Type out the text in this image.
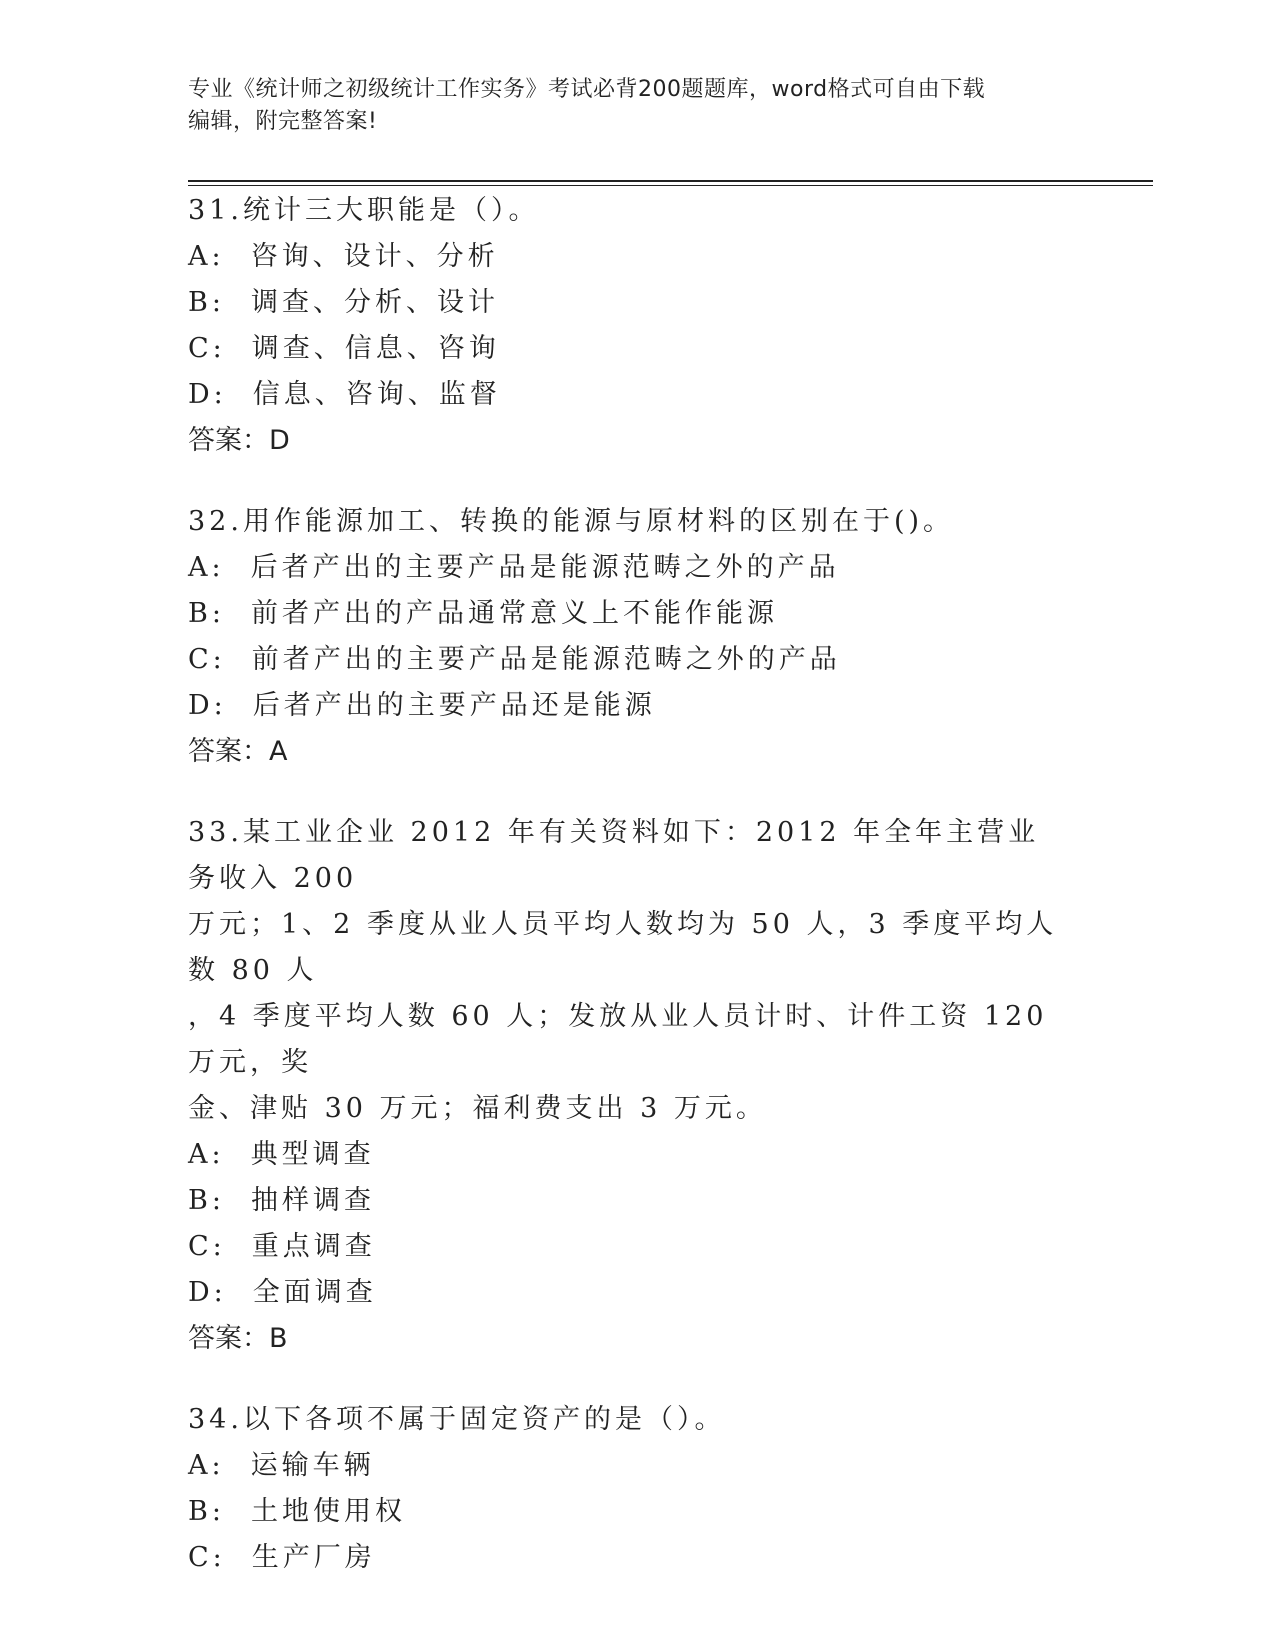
专业《统计师之初级统计工作实务》考试必背200题题库，word格式可自由下载
编辑，附完整答案!
31.统计三大职能是（）。
A: 咨询、设计、分析
B: 调查、分析、设计
C: 调查、信息、咨询
D: 信息、咨询、监督
答案：D
32.用作能源加工、转换的能源与原材料的区别在于()。
A: 后者产出的主要产品是能源范畴之外的产品
B: 前者产出的产品通常意义上不能作能源
C: 前者产出的主要产品是能源范畴之外的产品
D: 后者产出的主要产品还是能源
答案：A
33.某工业企业 2012 年有关资料如下：2012 年全年主营业务收入 200
万元；1、2 季度从业人员平均人数均为 50 人，3 季度平均人数 80 人
，4 季度平均人数 60 人；发放从业人员计时、计件工资 120 万元，奖
金、津贴 30 万元；福利费支出 3 万元。
A: 典型调查
B: 抽样调查
C: 重点调查
D: 全面调查
答案：B
34.以下各项不属于固定资产的是（）。
A: 运输车辆
B: 土地使用权
C: 生产厂房
